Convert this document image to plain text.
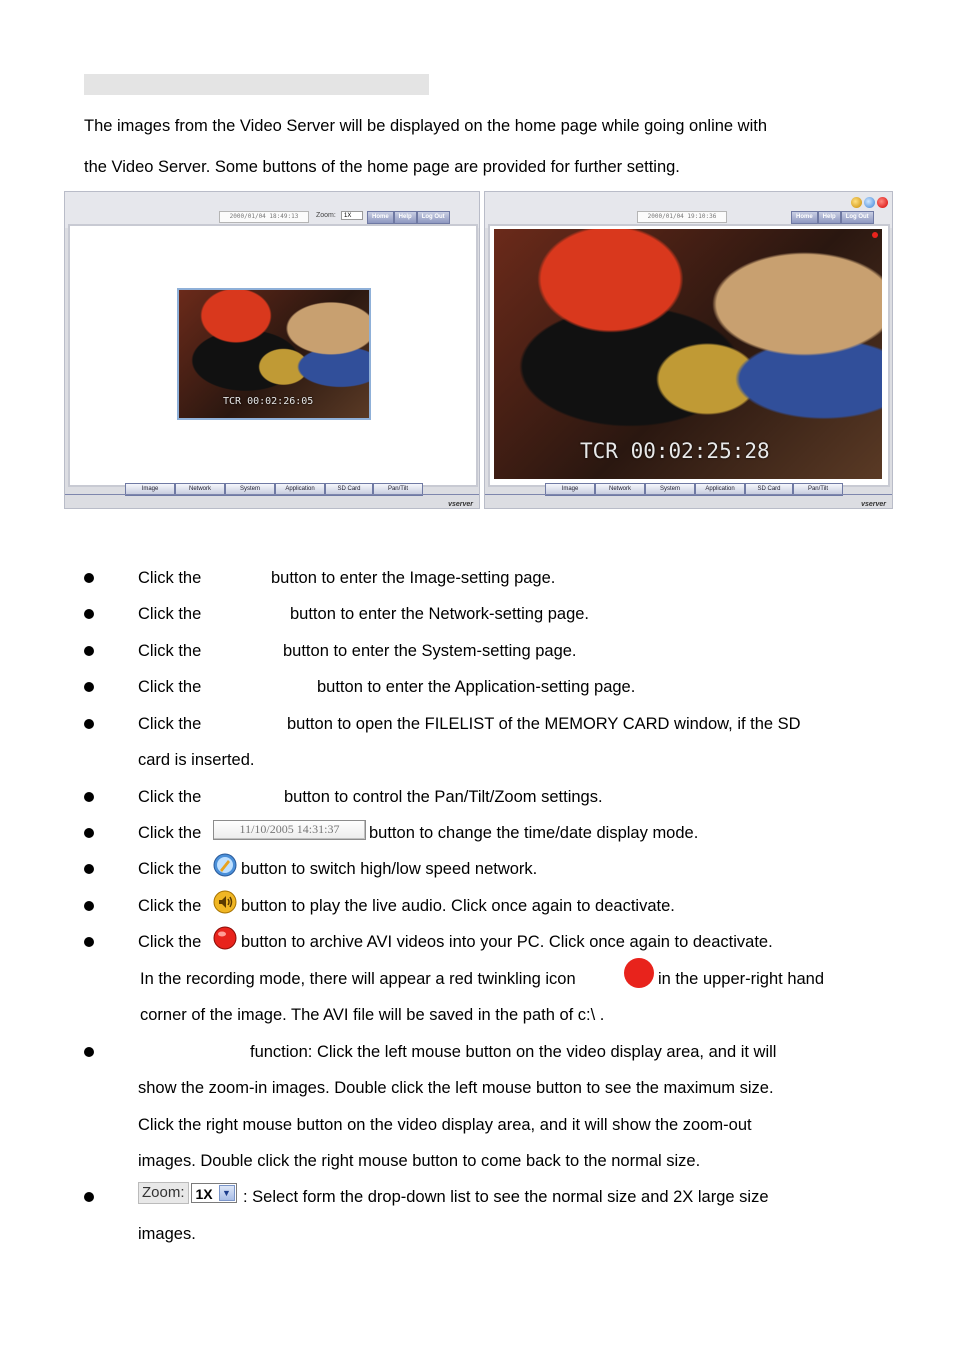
The images from the Video Server will be displayed on the home page while going online with
the Video Server. Some buttons of the home page are provided for further setting.
2000/01/04 18:49:13	Zoom:	1X	Home	Help	Log Out
TCR 00:02:26:05
Image	Network	System	Application	SD Card	Pan/Tilt
vserver
2000/01/04 19:10:36	Home	Help	Log Out
TCR 00:02:25:28
Image	Network	System	Application	SD Card	Pan/Tilt
vserver
Click the	button to enter the Image-setting page.
Click the	button to enter the Network-setting page.
Click the	button to enter the System-setting page.
Click the	button to enter the Application-setting page.
Click the	button to open the FILELIST of the MEMORY CARD window, if the SD
card is inserted.
Click the	button to control the Pan/Tilt/Zoom settings.
Click the	11/10/2005 14:31:37	button to change the time/date display mode.
Click the button to switch high/low speed network.
Click the button to play the live audio. Click once again to deactivate.
Click the button to archive AVI videos into your PC. Click once again to deactivate.
In the recording mode, there will appear a red twinkling icon	in the upper-right hand
corner of the image. The AVI file will be saved in the path of c:\ .
function: Click the left mouse button on the video display area, and it will
show the zoom-in images. Double click the left mouse button to see the maximum size.
Click the right mouse button on the video display area, and it will show the zoom-out
images. Double click the right mouse button to come back to the normal size.
Zoom: 1X	▼ : Select form the drop-down list to see the normal size and 2X large size
images.
